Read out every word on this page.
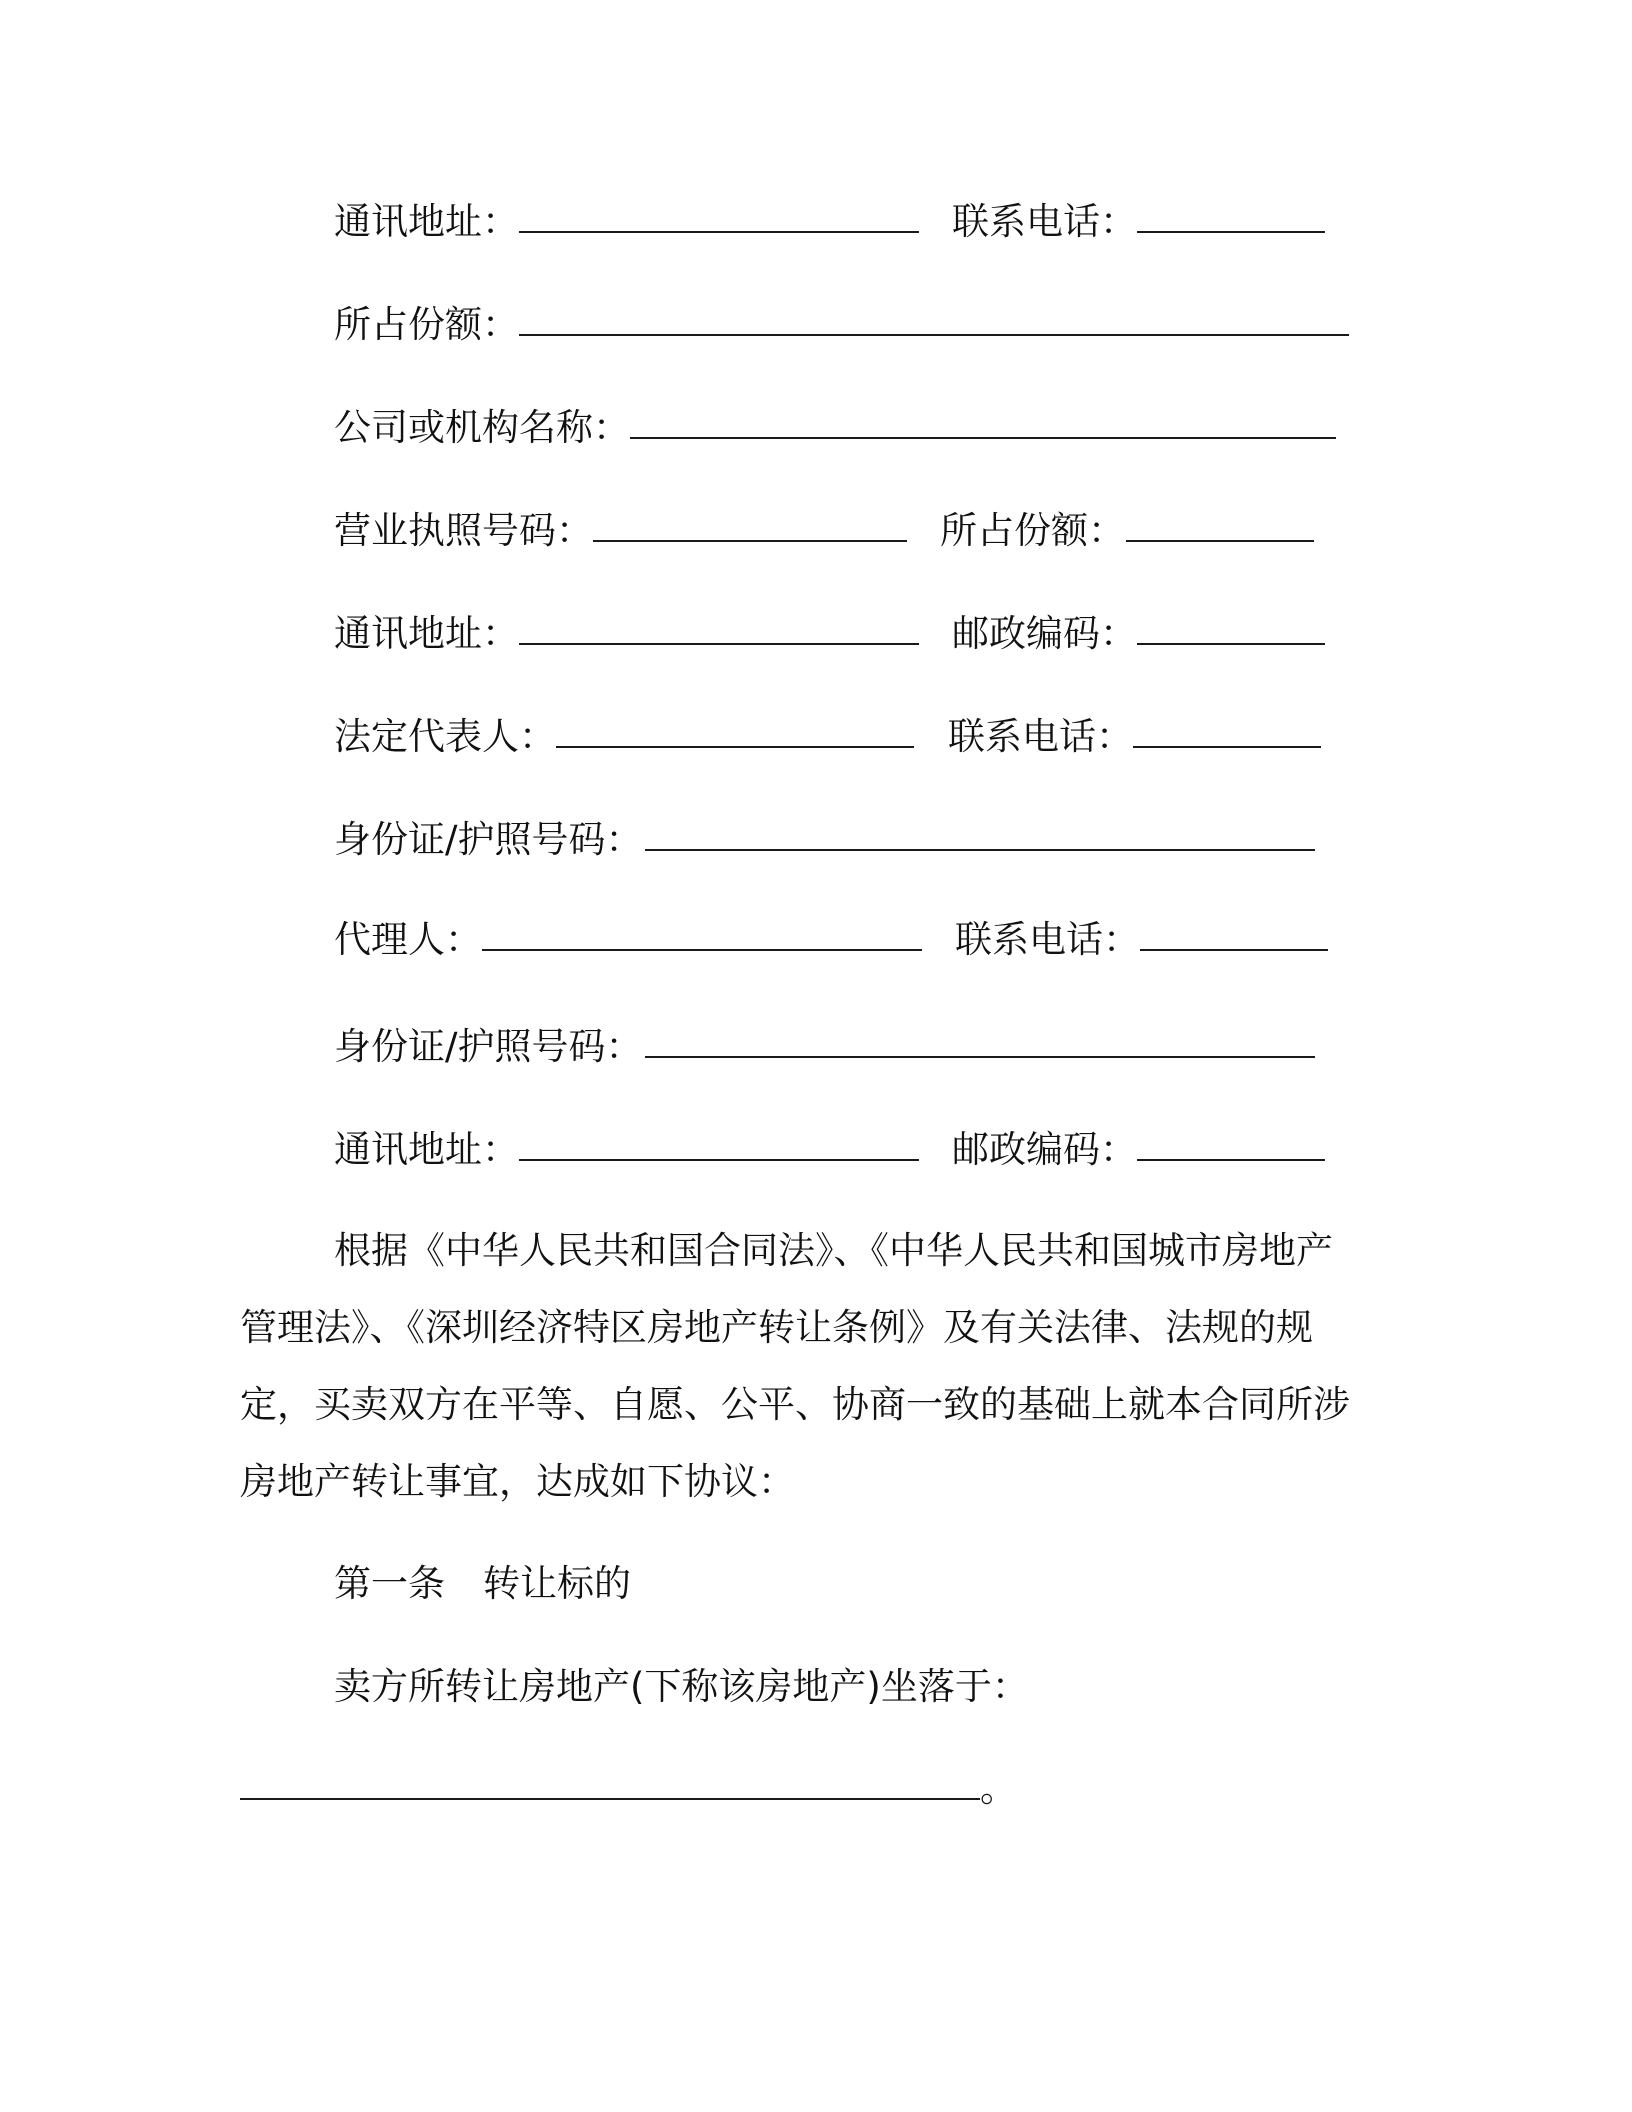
通讯地址：	联系电话：
所占份额：
公司或机构名称：
营业执照号码：	所占份额：
通讯地址：	邮政编码：
法定代表人：	联系电话：
身份证/护照号码：
代理人：	联系电话：
身份证/护照号码：
通讯地址：	邮政编码：
根据《中华人民共和国合同法》、《中华人民共和国城市房地产
管理法》、《深圳经济特区房地产转让条例》及有关法律、法规的规
定，买卖双方在平等、自愿、公平、协商一致的基础上就本合同所涉
房地产转让事宜，达成如下协议：
第一条 转让标的
卖方所转让房地产(下称该房地产)坐落于：
。
